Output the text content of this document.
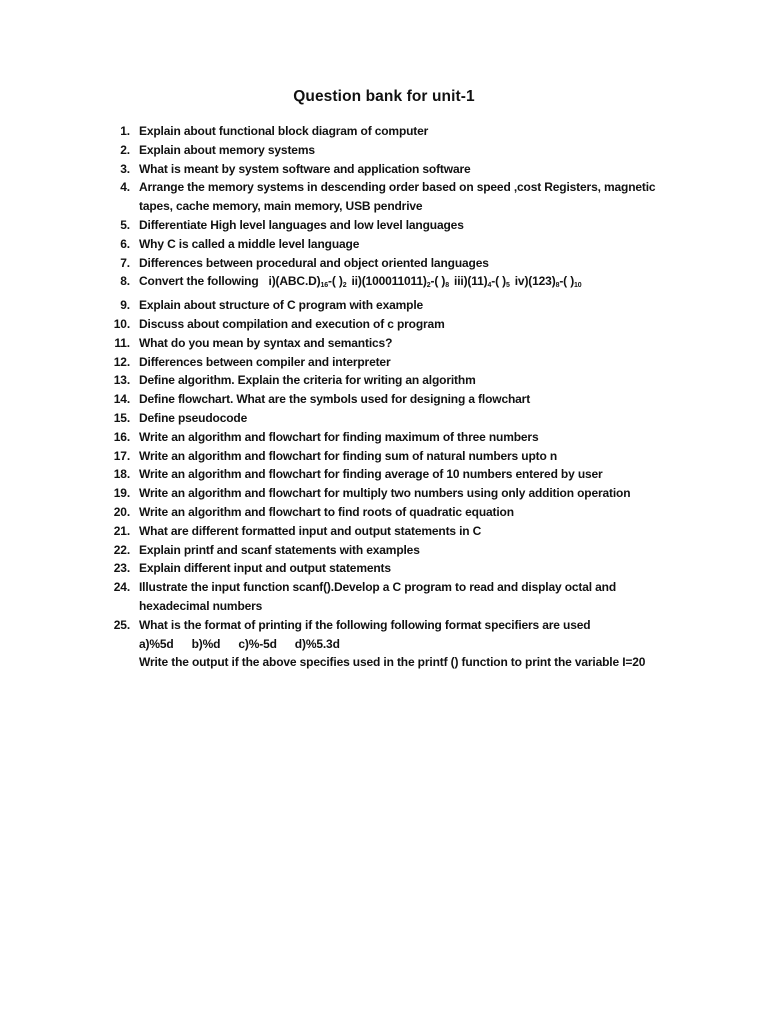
Question bank for unit-1
1. Explain about functional block diagram of computer
2. Explain about memory systems
3. What is meant by system software and application software
4. Arrange the memory systems in descending order based on speed ,cost Registers, magnetic
tapes, cache memory, main memory, USB pendrive
5. Differentiate High level languages and low level languages
6. Why C is called a middle level language
7. Differences between procedural and object oriented languages
8. Convert the following $i)(ABC.D)_{16}-$( )$_2$ $ii)(100011011)_2-$( )$_8$ $iii)(11)_4-$( )$_5$ $iv)(123)_8-$( )$_{10}$
9. Explain about structure of C program with example
10. Discuss about compilation and execution of c program
11. What do you mean by syntax and semantics?
12. Differences between compiler and interpreter
13. Define algorithm. Explain the criteria for writing an algorithm
14. Define flowchart. What are the symbols used for designing a flowchart
15. Define pseudocode
16. Write an algorithm and flowchart for finding maximum of three numbers
17. Write an algorithm and flowchart for finding sum of natural numbers upto n
18. Write an algorithm and flowchart for finding average of 10 numbers entered by user
19. Write an algorithm and flowchart for multiply two numbers using only addition operation
20. Write an algorithm and flowchart to find roots of quadratic equation
21. What are different formatted input and output statements in C
22. Explain printf and scanf statements with examples
23. Explain different input and output statements
24. Illustrate the input function scanf().Develop a C program to read and display octal and
hexadecimal numbers
25. What is the format of printing if the following following format specifiers are used
a)%5d b)%d c)%-5d d)%5.3d
Write the output if the above specifies used in the printf () function to print the variable I=20
